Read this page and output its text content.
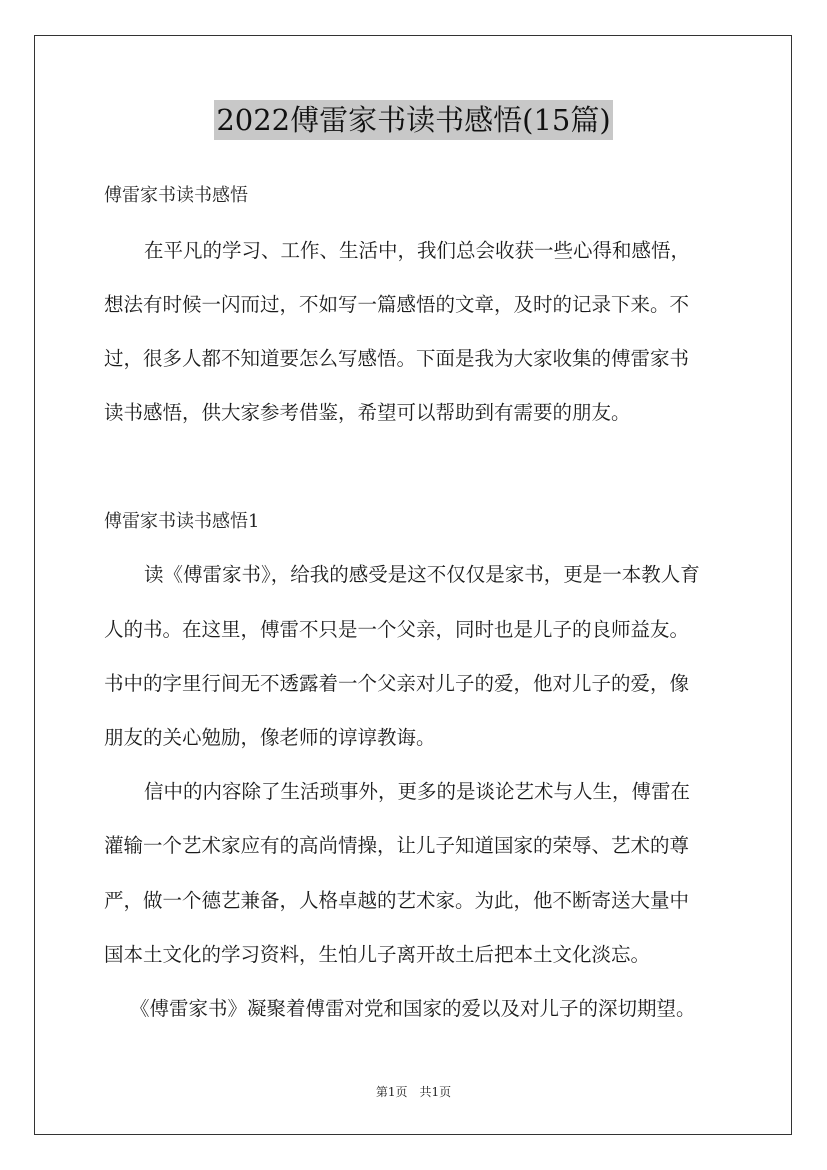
2022傅雷家书读书感悟(15篇)
傅雷家书读书感悟
在平凡的学习、工作、生活中，我们总会收获一些心得和感悟，
想法有时候一闪而过，不如写一篇感悟的文章，及时的记录下来。不
过，很多人都不知道要怎么写感悟。下面是我为大家收集的傅雷家书
读书感悟，供大家参考借鉴，希望可以帮助到有需要的朋友。
傅雷家书读书感悟1
读《傅雷家书》，给我的感受是这不仅仅是家书，更是一本教人育
人的书。在这里，傅雷不只是一个父亲，同时也是儿子的良师益友。
书中的字里行间无不透露着一个父亲对儿子的爱，他对儿子的爱，像
朋友的关心勉励，像老师的谆谆教诲。
信中的内容除了生活琐事外，更多的是谈论艺术与人生，傅雷在
灌输一个艺术家应有的高尚情操，让儿子知道国家的荣辱、艺术的尊
严，做一个德艺兼备，人格卓越的艺术家。为此，他不断寄送大量中
国本土文化的学习资料，生怕儿子离开故土后把本土文化淡忘。
《傅雷家书》凝聚着傅雷对党和国家的爱以及对儿子的深切期望。
第1页　共1页
